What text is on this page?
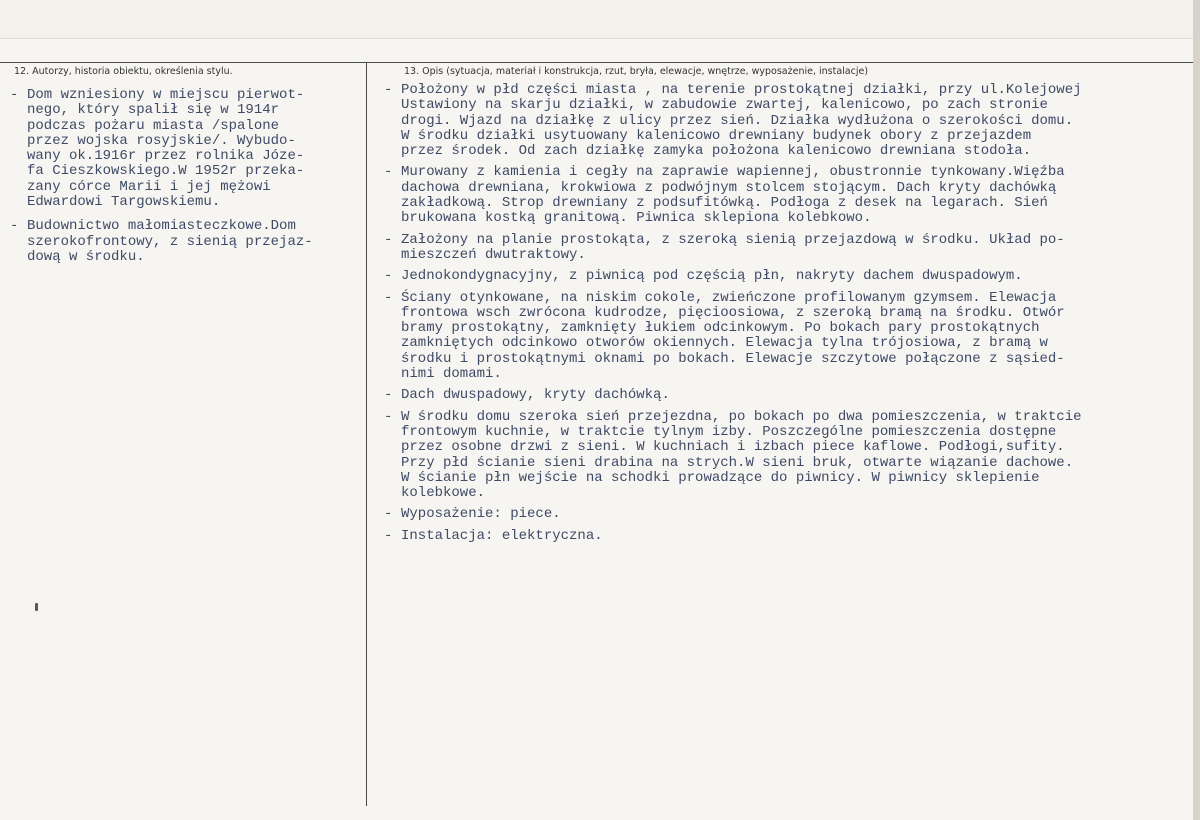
12. Autorzy, historia obiektu, określenia stylu.	13. Opis (sytuacja, materiał i konstrukcja, rzut, bryła, elewacje, wnętrze, wyposażenie, instalacje)
- Dom wzniesiony w miejscu pierwot-
nego, który spalił się w 1914r
podczas pożaru miasta /spalone
przez wojska rosyjskie/. Wybudo-
wany ok.1916r przez rolnika Józe-
fa Cieszkowskiego.W 1952r przeka-
zany córce Marii i jej mężowi
Edwardowi Targowskiemu.
- Budownictwo małomiasteczkowe.Dom
szerokofrontowy, z sienią przejaz-
dową w środku.
- Położony w płd części miasta , na terenie prostokątnej działki, przy ul.Kolejowej
Ustawiony na skarju działki, w zabudowie zwartej, kalenicowo, po zach stronie
drogi. Wjazd na działkę z ulicy przez sień. Działka wydłużona o szerokości domu.
W środku działki usytuowany kalenicowo drewniany budynek obory z przejazdem
przez środek. Od zach działkę zamyka położona kalenicowo drewniana stodoła.
- Murowany z kamienia i cegły na zaprawie wapiennej, obustronnie tynkowany.Więźba
dachowa drewniana, krokwiowa z podwójnym stolcem stojącym. Dach kryty dachówką
zakładkową. Strop drewniany z podsufitówką. Podłoga z desek na legarach. Sień
brukowana kostką granitową. Piwnica sklepiona kolebkowo.
- Założony na planie prostokąta, z szeroką sienią przejazdową w środku. Układ po-
mieszczeń dwutraktowy.
- Jednokondygnacyjny, z piwnicą pod częścią płn, nakryty dachem dwuspadowym.
- Ściany otynkowane, na niskim cokole, zwieńczone profilowanym gzymsem. Elewacja
frontowa wsch zwrócona kudrodze, pięcioosiowa, z szeroką bramą na środku. Otwór
bramy prostokątny, zamknięty łukiem odcinkowym. Po bokach pary prostokątnych
zamkniętych odcinkowo otworów okiennych. Elewacja tylna trójosiowa, z bramą w
środku i prostokątnymi oknami po bokach. Elewacje szczytowe połączone z sąsied-
nimi domami.
- Dach dwuspadowy, kryty dachówką.
- W środku domu szeroka sień przejezdna, po bokach po dwa pomieszczenia, w traktcie
frontowym kuchnie, w traktcie tylnym izby. Poszczególne pomieszczenia dostępne
przez osobne drzwi z sieni. W kuchniach i izbach piece kaflowe. Podłogi,sufity.
Przy płd ścianie sieni drabina na strych.W sieni bruk, otwarte wiązanie dachowe.
W ścianie płn wejście na schodki prowadzące do piwnicy. W piwnicy sklepienie
kolebkowe.
- Wyposażenie: piece.
- Instalacja: elektryczna.
